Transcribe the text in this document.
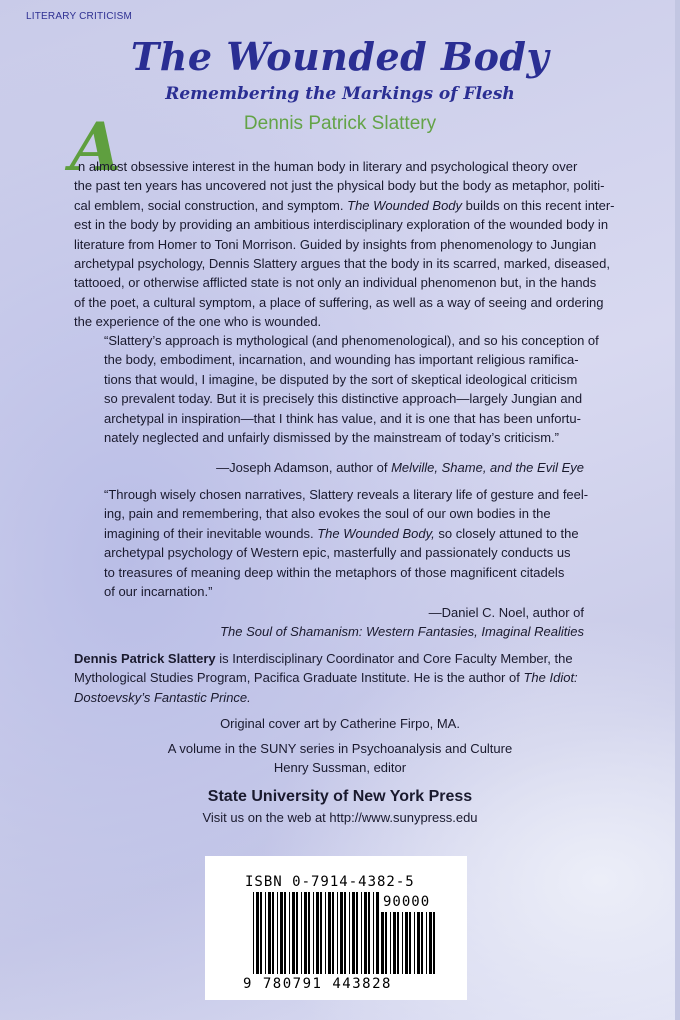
LITERARY CRITICISM
The Wounded Body
Remembering the Markings of Flesh
Dennis Patrick Slattery
A
n almost obsessive interest in the human body in literary and psychological theory over
the past ten years has uncovered not just the physical body but the body as metaphor, politi-
cal emblem, social construction, and symptom. The Wounded Body builds on this recent inter-
est in the body by providing an ambitious interdisciplinary exploration of the wounded body in
literature from Homer to Toni Morrison. Guided by insights from phenomenology to Jungian
archetypal psychology, Dennis Slattery argues that the body in its scarred, marked, diseased,
tattooed, or otherwise afflicted state is not only an individual phenomenon but, in the hands
of the poet, a cultural symptom, a place of suffering, as well as a way of seeing and ordering
the experience of the one who is wounded.
“Slattery’s approach is mythological (and phenomenological), and so his conception of
the body, embodiment, incarnation, and wounding has important religious ramifica-
tions that would, I imagine, be disputed by the sort of skeptical ideological criticism
so prevalent today. But it is precisely this distinctive approach—largely Jungian and
archetypal in inspiration—that I think has value, and it is one that has been unfortu-
nately neglected and unfairly dismissed by the mainstream of today’s criticism.”
—Joseph Adamson, author of Melville, Shame, and the Evil Eye
“Through wisely chosen narratives, Slattery reveals a literary life of gesture and feel-
ing, pain and remembering, that also evokes the soul of our own bodies in the
imagining of their inevitable wounds. The Wounded Body, so closely attuned to the
archetypal psychology of Western epic, masterfully and passionately conducts us
to treasures of meaning deep within the metaphors of those magnificent citadels
of our incarnation.”
—Daniel C. Noel, author of
The Soul of Shamanism: Western Fantasies, Imaginal Realities
Dennis Patrick Slattery is Interdisciplinary Coordinator and Core Faculty Member, the
Mythological Studies Program, Pacifica Graduate Institute. He is the author of The Idiot:
Dostoevsky’s Fantastic Prince.
Original cover art by Catherine Firpo, MA.
A volume in the SUNY series in Psychoanalysis and Culture
Henry Sussman, editor
State University of New York Press
Visit us on the web at http://www.sunypress.edu
ISBN 0-7914-4382-5
90000
9 780791 443828
